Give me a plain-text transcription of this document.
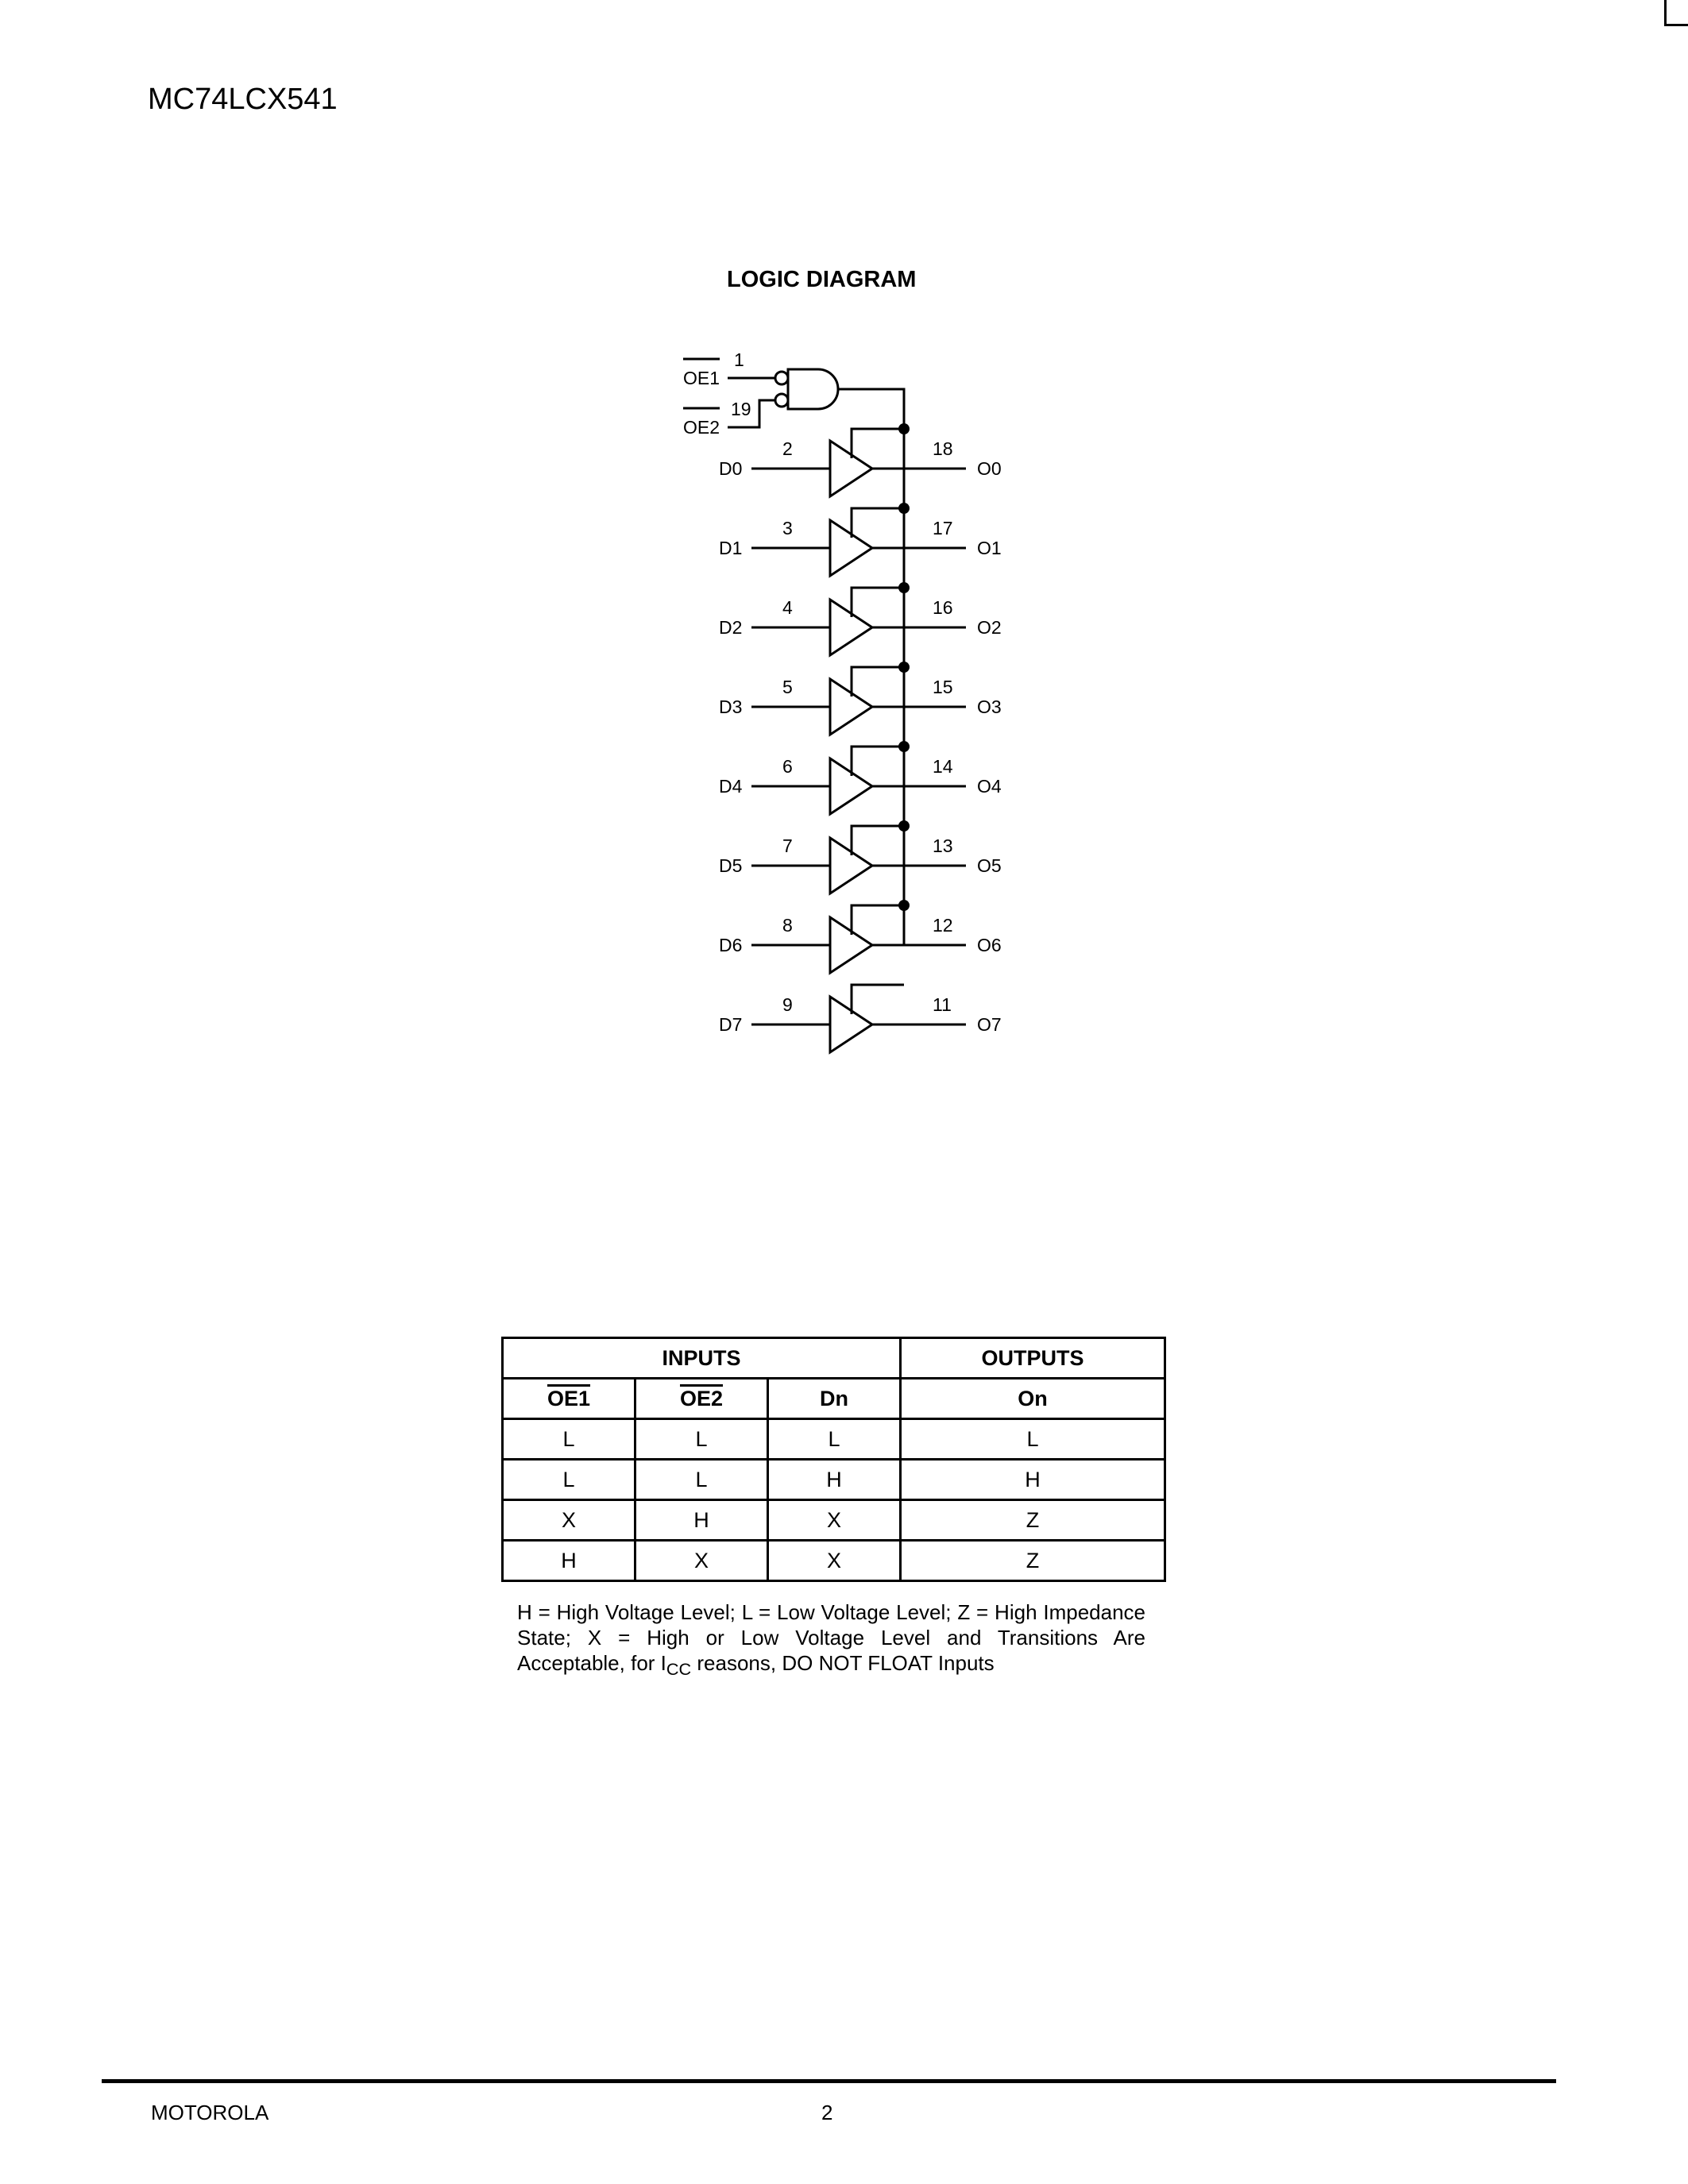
MC74LCX541
LOGIC DIAGRAM
D0
2	18
O0
D1
3	17
O1
D2
4	16
O2
D3
5	15
O3
D4
6	14
O4
D5
7	13
O5
D6
8	12
O6
D7
9	11
O7
1
OE1
19
OE2
INPUTS			OUTPUTS
OE1	OE2	Dn	On
L	L	L	L
L	L	H	H
X	H	X	Z
H	X	X	Z
H = High Voltage Level; L = Low Voltage Level; Z = High Impedance State; X = High or Low Voltage Level and Transitions Are Acceptable, for $I_{CC}$ reasons, DO NOT FLOAT Inputs
MOTOROLA	2
